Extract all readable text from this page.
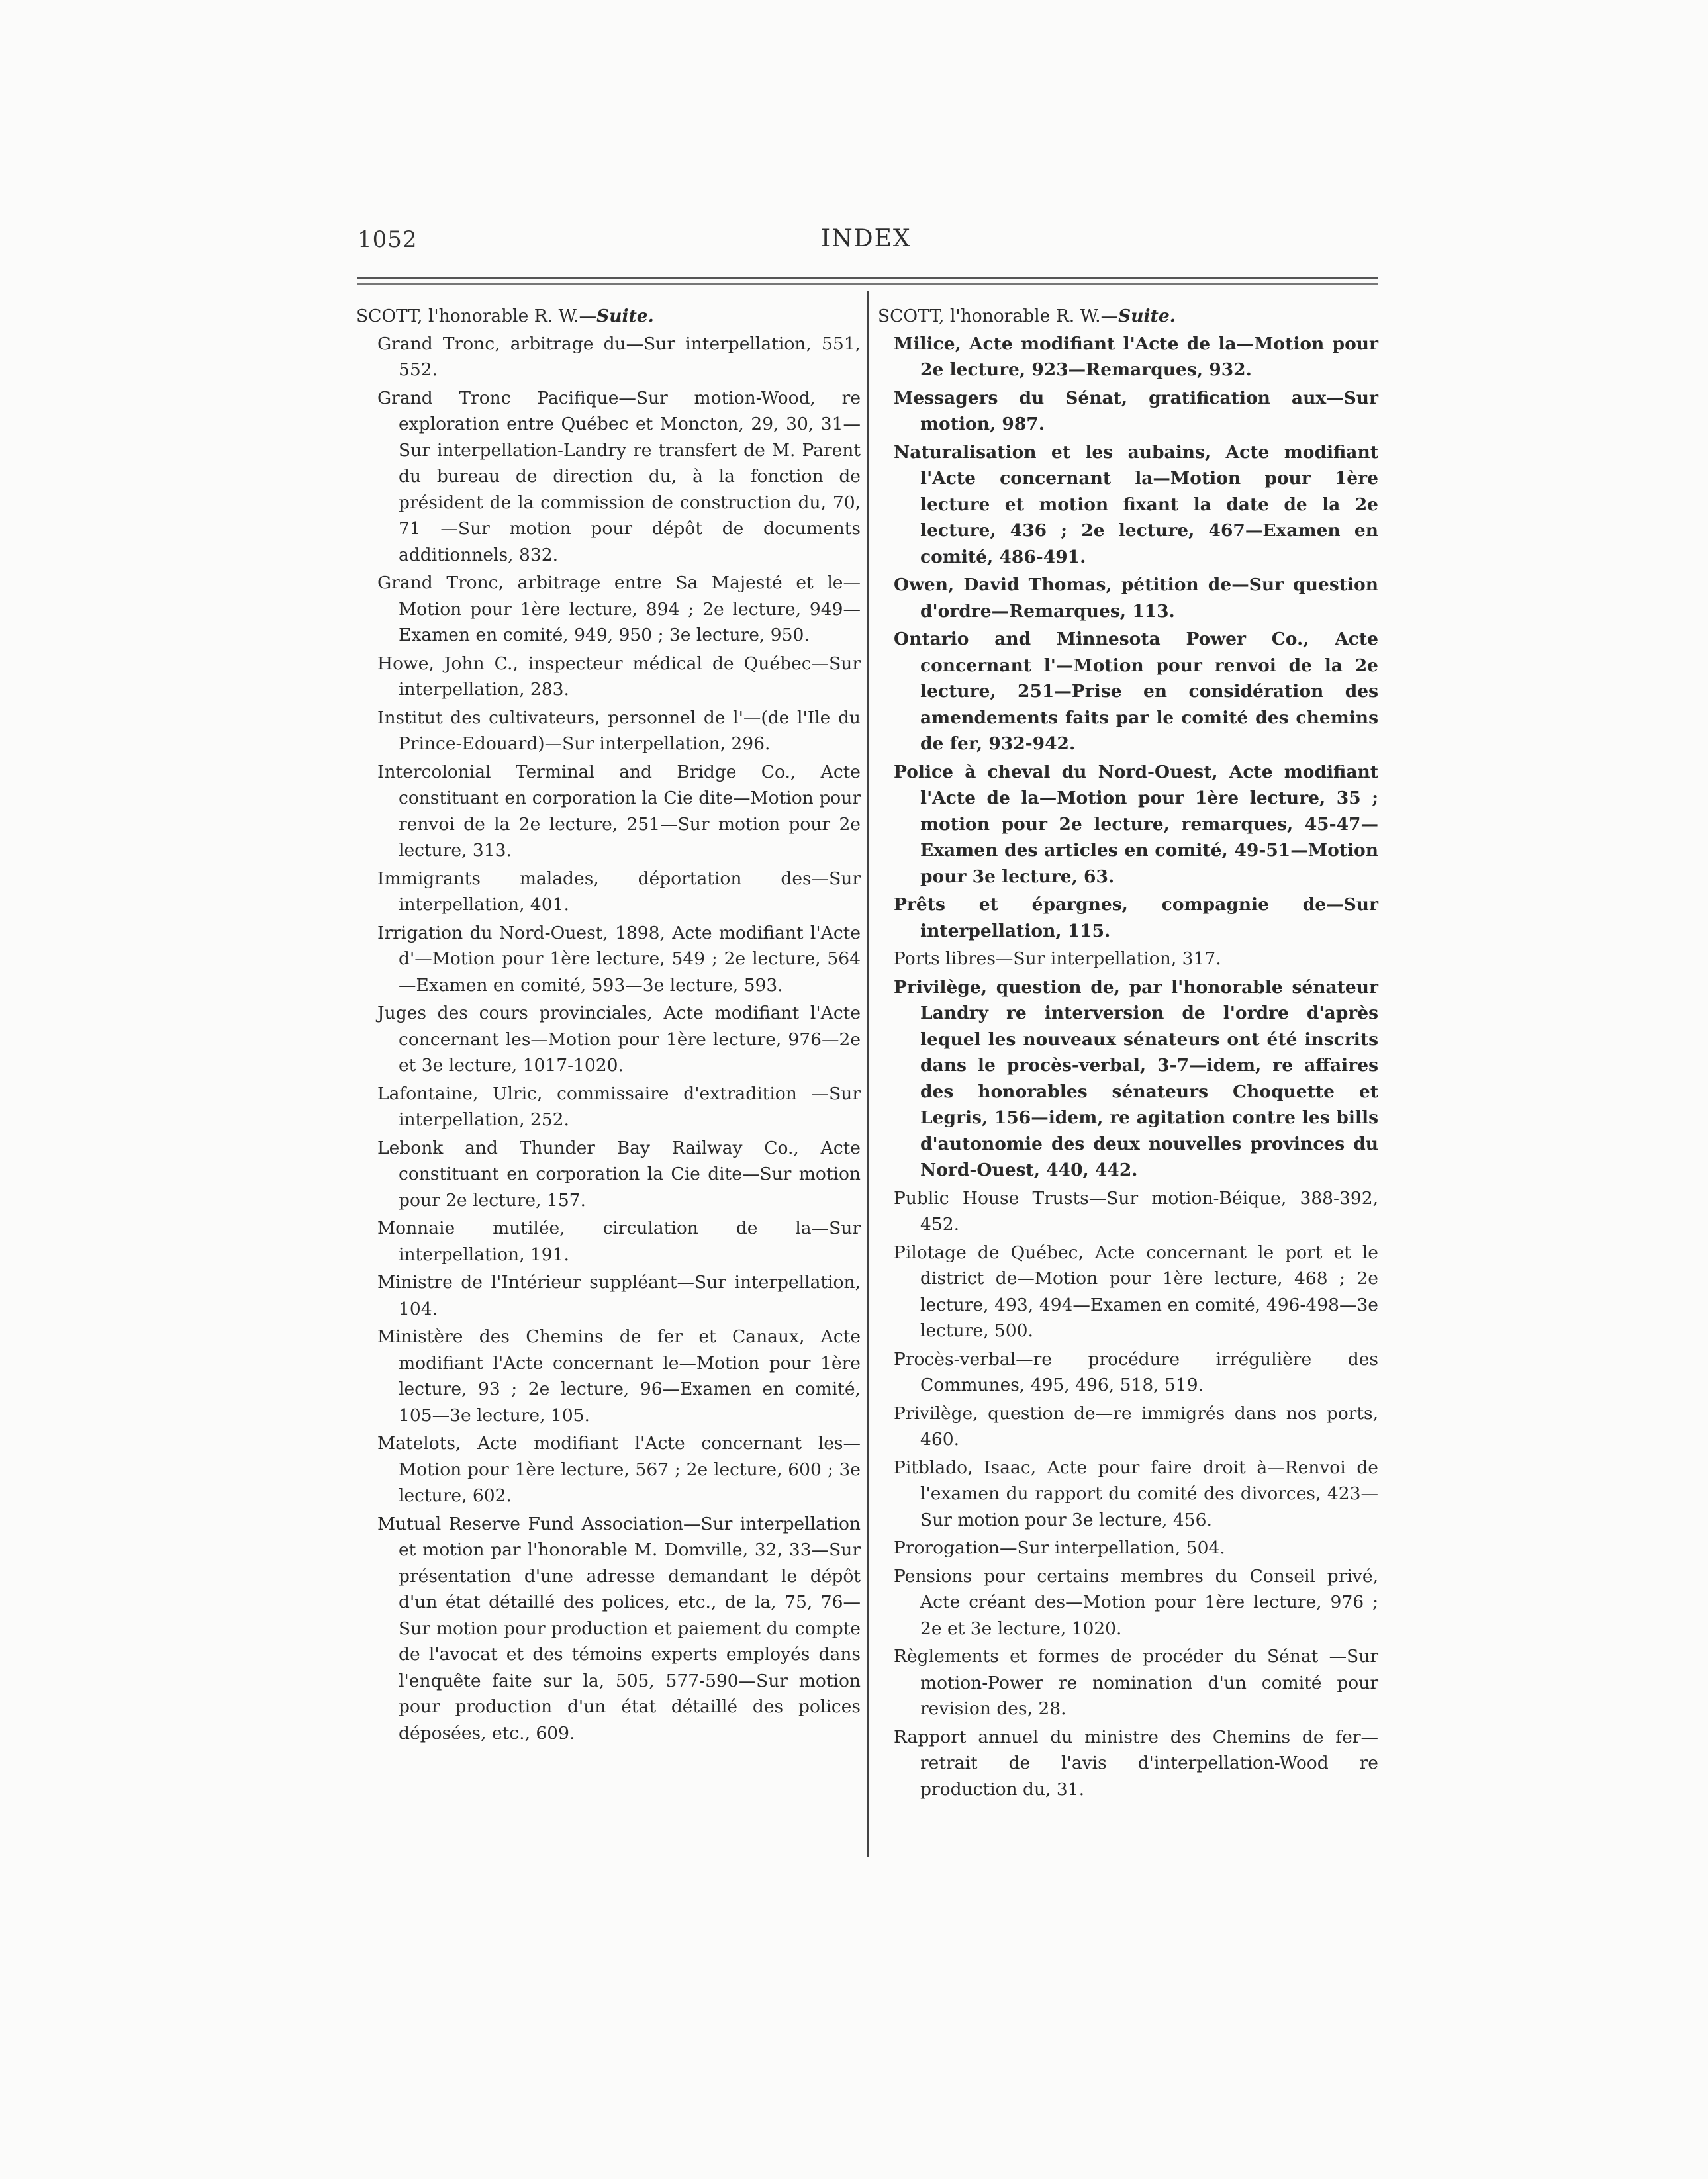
1052	INDEX
SCOTT, l'honorable R. W.—Suite.
Grand Tronc, arbitrage du—Sur interpellation, 551, 552.
Grand Tronc Pacifique—Sur motion-Wood, re exploration entre Québec et Moncton, 29, 30, 31—Sur interpellation-Landry re transfert de M. Parent du bureau de direction du, à la fonction de président de la commission de construction du, 70, 71 —Sur motion pour dépôt de documents additionnels, 832.
Grand Tronc, arbitrage entre Sa Majesté et le—Motion pour 1ère lecture, 894 ; 2e lecture, 949—Examen en comité, 949, 950 ; 3e lecture, 950.
Howe, John C., inspecteur médical de Québec—Sur interpellation, 283.
Institut des cultivateurs, personnel de l'—(de l'Ile du Prince-Edouard)—Sur interpellation, 296.
Intercolonial Terminal and Bridge Co., Acte constituant en corporation la Cie dite—Motion pour renvoi de la 2e lecture, 251—Sur motion pour 2e lecture, 313.
Immigrants malades, déportation des—Sur interpellation, 401.
Irrigation du Nord-Ouest, 1898, Acte modifiant l'Acte d'—Motion pour 1ère lecture, 549 ; 2e lecture, 564—Examen en comité, 593—3e lecture, 593.
Juges des cours provinciales, Acte modifiant l'Acte concernant les—Motion pour 1ère lecture, 976—2e et 3e lecture, 1017-1020.
Lafontaine, Ulric, commissaire d'extradition —Sur interpellation, 252.
Lebonk and Thunder Bay Railway Co., Acte constituant en corporation la Cie dite—Sur motion pour 2e lecture, 157.
Monnaie mutilée, circulation de la—Sur interpellation, 191.
Ministre de l'Intérieur suppléant—Sur interpellation, 104.
Ministère des Chemins de fer et Canaux, Acte modifiant l'Acte concernant le—Motion pour 1ère lecture, 93 ; 2e lecture, 96—Examen en comité, 105—3e lecture, 105.
Matelots, Acte modifiant l'Acte concernant les—Motion pour 1ère lecture, 567 ; 2e lecture, 600 ; 3e lecture, 602.
Mutual Reserve Fund Association—Sur interpellation et motion par l'honorable M. Domville, 32, 33—Sur présentation d'une adresse demandant le dépôt d'un état détaillé des polices, etc., de la, 75, 76—Sur motion pour production et paiement du compte de l'avocat et des témoins experts employés dans l'enquête faite sur la, 505, 577-590—Sur motion pour production d'un état détaillé des polices déposées, etc., 609.
SCOTT, l'honorable R. W.—Suite.
Milice, Acte modifiant l'Acte de la—Motion pour 2e lecture, 923—Remarques, 932.
Messagers du Sénat, gratification aux—Sur motion, 987.
Naturalisation et les aubains, Acte modifiant l'Acte concernant la—Motion pour 1ère lecture et motion fixant la date de la 2e lecture, 436 ; 2e lecture, 467—Examen en comité, 486-491.
Owen, David Thomas, pétition de—Sur question d'ordre—Remarques, 113.
Ontario and Minnesota Power Co., Acte concernant l'—Motion pour renvoi de la 2e lecture, 251—Prise en considération des amendements faits par le comité des chemins de fer, 932-942.
Police à cheval du Nord-Ouest, Acte modifiant l'Acte de la—Motion pour 1ère lecture, 35 ; motion pour 2e lecture, remarques, 45-47—Examen des articles en comité, 49-51—Motion pour 3e lecture, 63.
Prêts et épargnes, compagnie de—Sur interpellation, 115.
Ports libres—Sur interpellation, 317.
Privilège, question de, par l'honorable sénateur Landry re interversion de l'ordre d'après lequel les nouveaux sénateurs ont été inscrits dans le procès-verbal, 3-7—idem, re affaires des honorables sénateurs Choquette et Legris, 156—idem, re agitation contre les bills d'autonomie des deux nouvelles provinces du Nord-Ouest, 440, 442.
Public House Trusts—Sur motion-Béique, 388-392, 452.
Pilotage de Québec, Acte concernant le port et le district de—Motion pour 1ère lecture, 468 ; 2e lecture, 493, 494—Examen en comité, 496-498—3e lecture, 500.
Procès-verbal—re procédure irrégulière des Communes, 495, 496, 518, 519.
Privilège, question de—re immigrés dans nos ports, 460.
Pitblado, Isaac, Acte pour faire droit à—Renvoi de l'examen du rapport du comité des divorces, 423—Sur motion pour 3e lecture, 456.
Prorogation—Sur interpellation, 504.
Pensions pour certains membres du Conseil privé, Acte créant des—Motion pour 1ère lecture, 976 ; 2e et 3e lecture, 1020.
Règlements et formes de procéder du Sénat —Sur motion-Power re nomination d'un comité pour revision des, 28.
Rapport annuel du ministre des Chemins de fer—retrait de l'avis d'interpellation-Wood re production du, 31.
